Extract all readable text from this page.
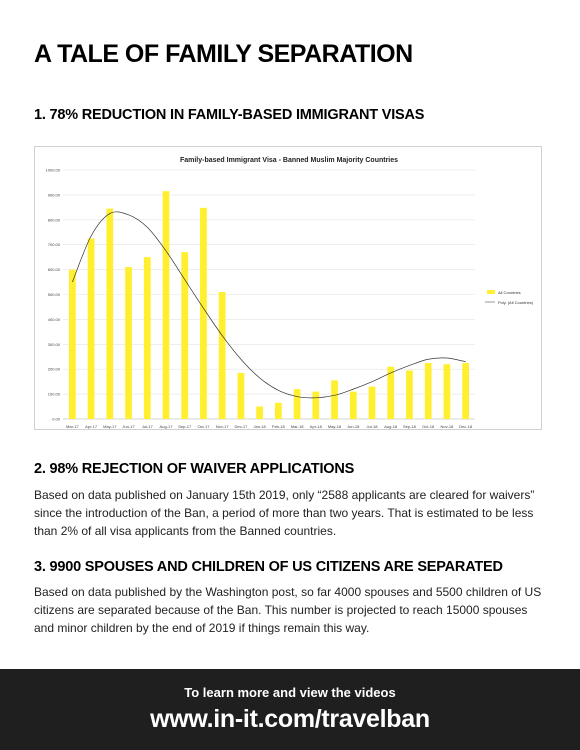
A TALE OF FAMILY SEPARATION
1. 78% REDUCTION IN FAMILY-BASED IMMIGRANT VISAS
0.00
100.00
200.00
300.00
400.00
500.00
600.00
700.00
800.00
900.00
1000.00
Mar-17 Apr-17 May-17 Jun-17 Jul-17 Aug-17 Sep-17 Oct-17 Nov-17 Dec-17 Jan-18 Feb-18 Mar-18 Apr-18 May-18 Jun-18 Jul-18 Aug-18 Sep-18 Oct-18 Nov-18 Dec-18
Family-based Immigrant Visa - Banned Muslim Majority Countries
All Countries
Poly. (All Countries)
2. 98% REJECTION OF WAIVER APPLICATIONS
Based on data published on January 15th 2019, only “2588 applicants are cleared for waivers” since the introduction of the Ban, a period of more than two years. That is estimated to be less than 2% of all visa applicants from the Banned countries.
3. 9900 SPOUSES AND CHILDREN OF US CITIZENS ARE SEPARATED
Based on data published by the Washington post, so far 4000 spouses and 5500 children of US citizens are separated because of the Ban. This number is projected to reach 15000 spouses and minor children by the end of 2019 if things remain this way.
To learn more and view the videos
www.in-it.com/travelban
